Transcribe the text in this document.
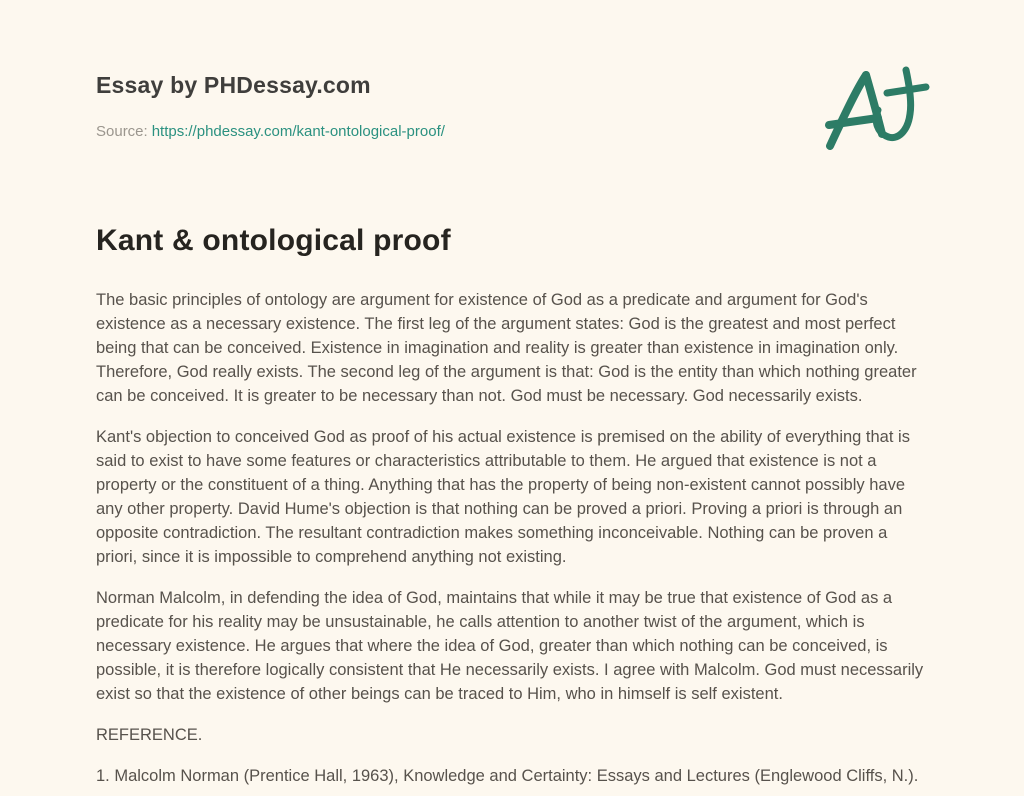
Essay by PHDessay.com
Source: https://phdessay.com/kant-ontological-proof/
Kant & ontological proof

The basic principles of ontology are argument for existence of God as a predicate and argument for God's existence as a necessary existence. The first leg of the argument states: God is the greatest and most perfect being that can be conceived. Existence in imagination and reality is greater than existence in imagination only. Therefore, God really exists. The second leg of the argument is that: God is the entity than which nothing greater can be conceived. It is greater to be necessary than not. God must be necessary. God necessarily exists.

Kant's objection to conceived God as proof of his actual existence is premised on the ability of everything that is said to exist to have some features or characteristics attributable to them. He argued that existence is not a property or the constituent of a thing. Anything that has the property of being non-existent cannot possibly have any other property. David Hume's objection is that nothing can be proved a priori. Proving a priori is through an opposite contradiction. The resultant contradiction makes something inconceivable. Nothing can be proven a priori, since it is impossible to comprehend anything not existing.

Norman Malcolm, in defending the idea of God, maintains that while it may be true that existence of God as a predicate for his reality may be unsustainable, he calls attention to another twist of the argument, which is necessary existence. He argues that where the idea of God, greater than which nothing can be conceived, is possible, it is therefore logically consistent that He necessarily exists. I agree with Malcolm. God must necessarily exist so that the existence of other beings can be traced to Him, who in himself is self existent.

REFERENCE.

1. Malcolm Norman (Prentice Hall, 1963), Knowledge and Certainty: Essays and Lectures (Englewood Cliffs, N.).
